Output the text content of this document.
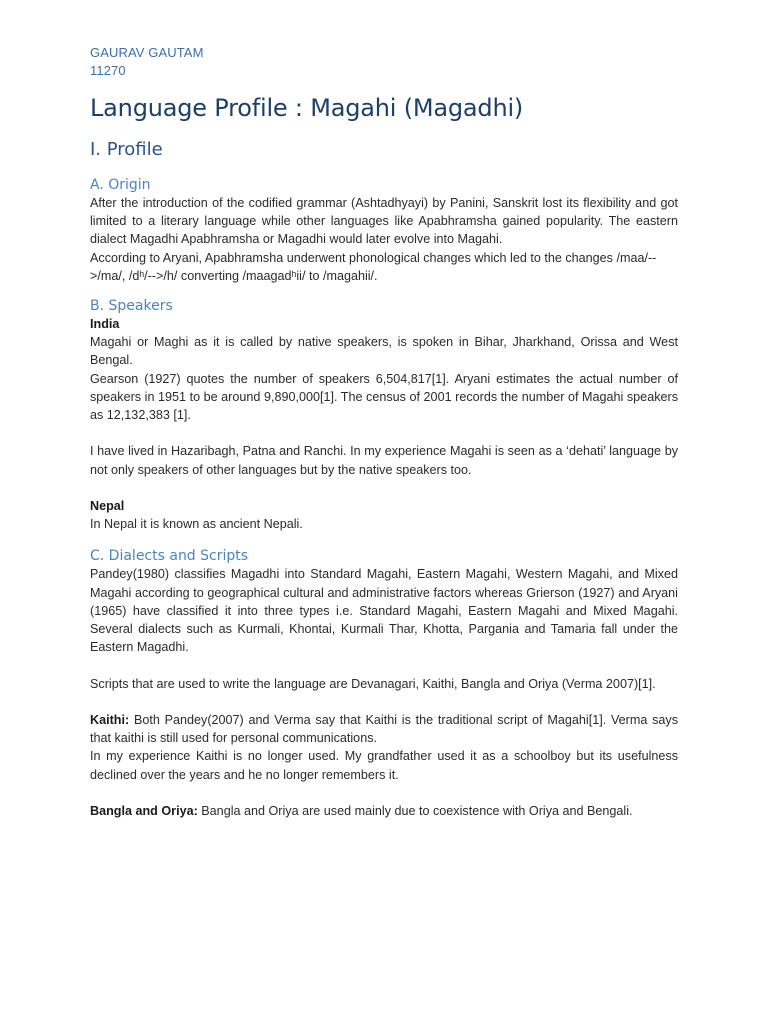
GAURAV GAUTAM
11270
Language Profile : Magahi (Magadhi)
I. Profile
A. Origin

After the introduction of the codified grammar (Ashtadhyayi) by Panini, Sanskrit lost its flexibility and got limited to a literary language while other languages like Apabhramsha gained popularity. The eastern dialect Magadhi Apabhramsha or Magadhi would later evolve into Magahi.

According to Aryani, Apabhramsha underwent phonological changes which led to the changes /maa/-->/ma/, /dʰ/-->/h/ converting /maagadʰii/ to /magahii/.

B. Speakers
India

Magahi or Maghi as it is called by native speakers, is spoken in Bihar, Jharkhand, Orissa and West Bengal.

Gearson (1927) quotes the number of speakers 6,504,817[1]. Aryani estimates the actual number of speakers in 1951 to be around 9,890,000[1]. The census of 2001 records the number of Magahi speakers as 12,132,383 [1].

I have lived in Hazaribagh, Patna and Ranchi. In my experience Magahi is seen as a ‘dehati’ language by not only speakers of other languages but by the native speakers too.

Nepal

In Nepal it is known as ancient Nepali.

C. Dialects and Scripts

Pandey(1980) classifies Magadhi into Standard Magahi, Eastern Magahi, Western Magahi, and Mixed Magahi according to geographical cultural and administrative factors whereas Grierson (1927) and Aryani (1965) have classified it into three types i.e. Standard Magahi, Eastern Magahi and Mixed Magahi. Several dialects such as Kurmali, Khontai, Kurmali Thar, Khotta, Pargania and Tamaria fall under the Eastern Magadhi.

Scripts that are used to write the language are Devanagari, Kaithi, Bangla and Oriya (Verma 2007)[1].

Kaithi: Both Pandey(2007) and Verma say that Kaithi is the traditional script of Magahi[1]. Verma says that kaithi is still used for personal communications.

In my experience Kaithi is no longer used. My grandfather used it as a schoolboy but its usefulness declined over the years and he no longer remembers it.

Bangla and Oriya: Bangla and Oriya are used mainly due to coexistence with Oriya and Bengali.
